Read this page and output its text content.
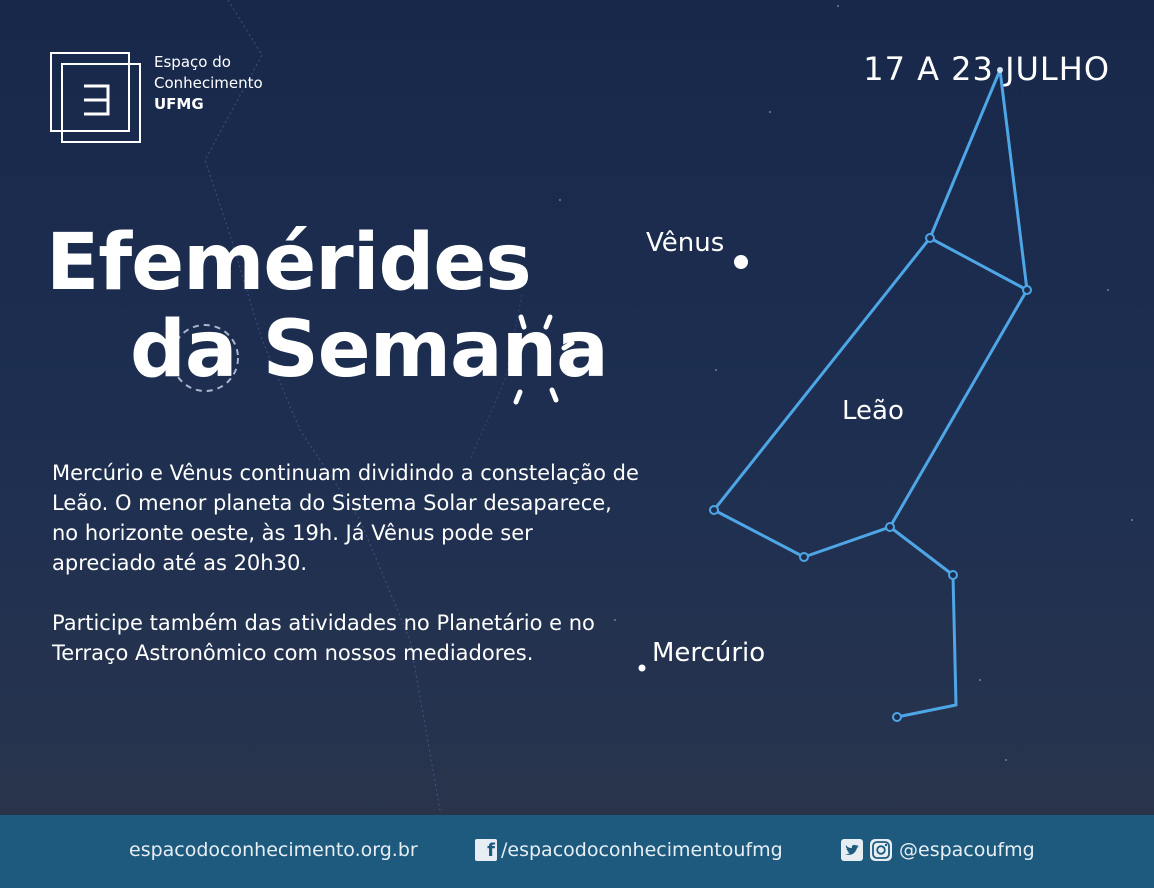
Espaço do
Conhecimento
UFMG
17 A 23 JULHO
Efemérides
da Semana

Mercúrio e Vênus continuam dividindo a constelação de Leão. O menor planeta do Sistema Solar desaparece, no horizonte oeste, às 19h. Já Vênus pode ser apreciado até as 20h30.

Participe também das atividades no Planetário e no Terraço Astronômico com nossos mediadores.

Vênus
Leão
Mercúrio
espacodoconhecimento.org.br	f /espacodoconhecimentoufmg	@espacoufmg
